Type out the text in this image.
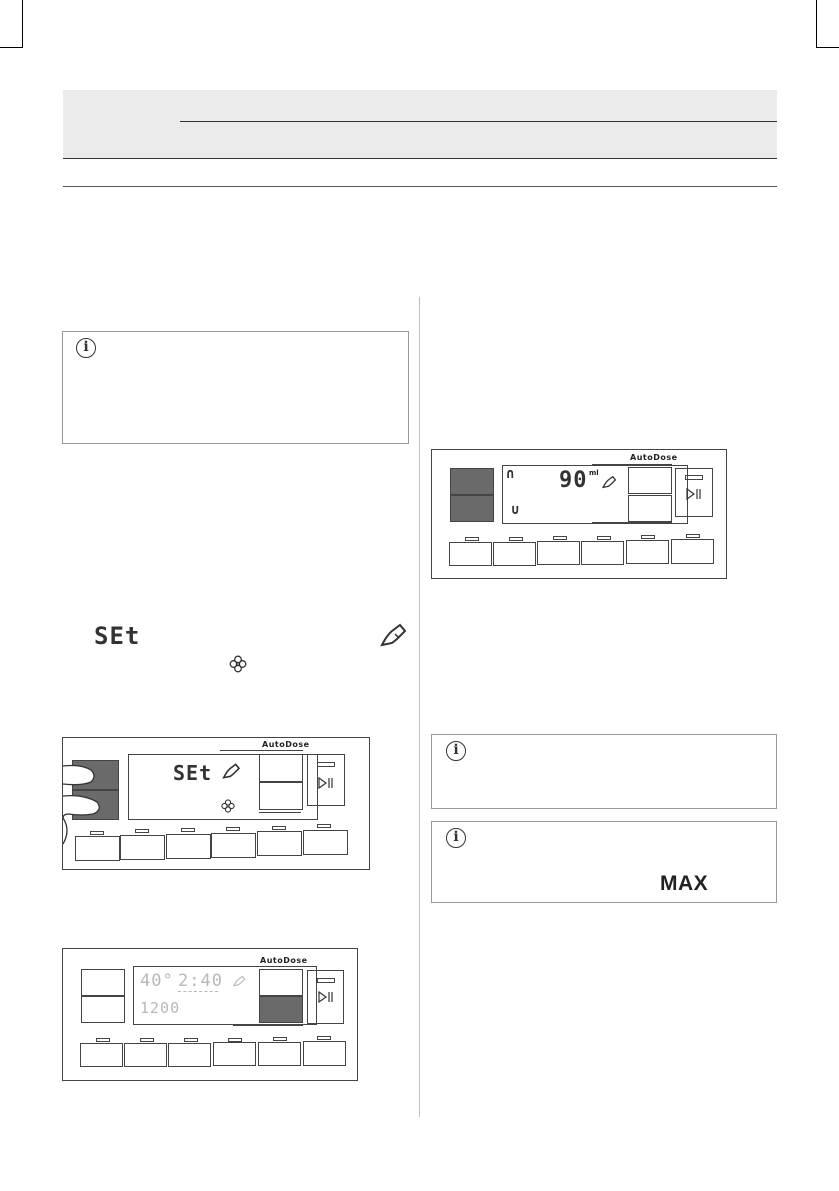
i
SEt
SEt
AutoDose
40° 2:40
1200
AutoDose
∩
∪
90 ml
AutoDose
i
i
MAX
